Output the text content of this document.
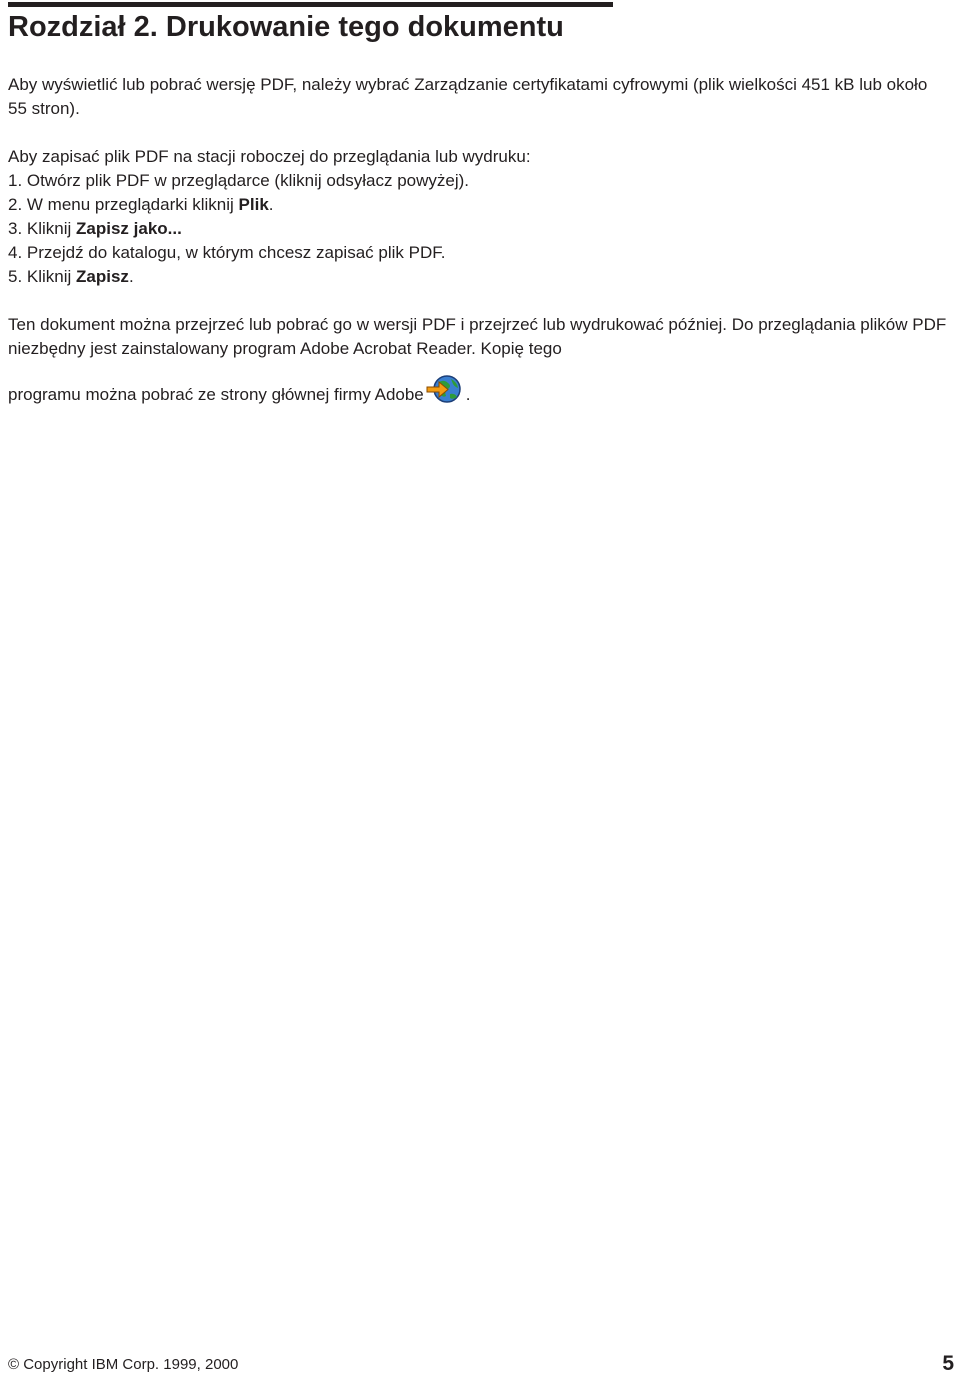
Rozdział 2. Drukowanie tego dokumentu

Aby wyświetlić lub pobrać wersję PDF, należy wybrać Zarządzanie certyfikatami cyfrowymi (plik wielkości 451 kB lub około 55 stron).

Aby zapisać plik PDF na stacji roboczej do przeglądania lub wydruku:

1. Otwórz plik PDF w przeglądarce (kliknij odsyłacz powyżej).
2. W menu przeglądarki kliknij Plik.
3. Kliknij Zapisz jako...
4. Przejdź do katalogu, w którym chcesz zapisać plik PDF.
5. Kliknij Zapisz.

Ten dokument można przejrzeć lub pobrać go w wersji PDF i przejrzeć lub wydrukować później. Do przeglądania plików PDF niezbędny jest zainstalowany program Adobe Acrobat Reader. Kopię tego

programu można pobrać ze strony głównej firmy Adobe .
© Copyright IBM Corp. 1999, 2000	5
